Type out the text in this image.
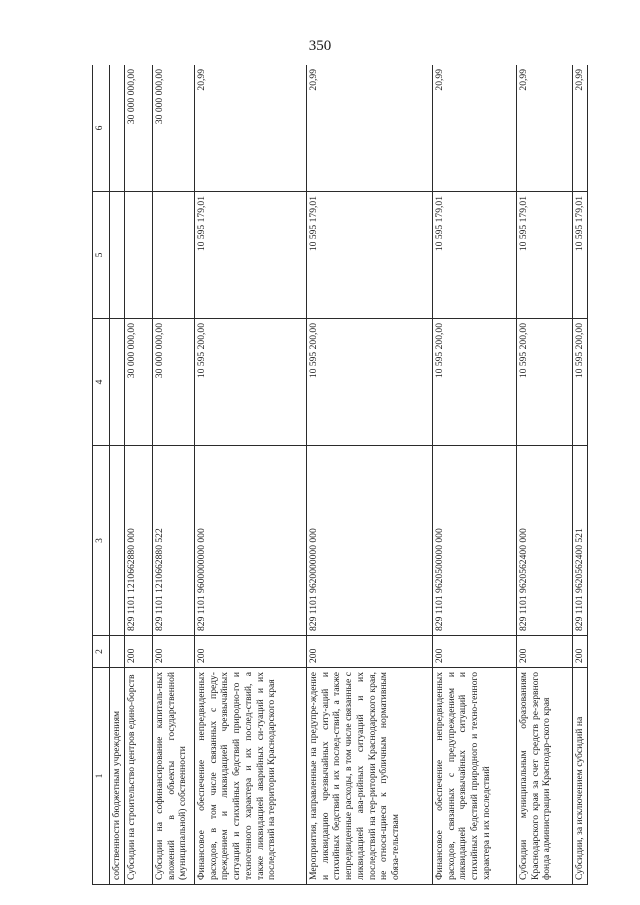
350
1	2	3	4	5	6
собственности бюджетным учреждениям					
Субсидии на строительство центров едино-борств	200	829 1101 1210662880 000	30 000 000,00		30 000 000,00
Субсидии на софинансирование капиталь-ных вложений в объекты государственной (муниципальной) собственности	200	829 1101 1210662880 522	30 000 000,00		30 000 000,00
Финансовое обеспечение непредвиденных расходов, в том числе связанных с преду-преждением и ликвидацией чрезвычайных ситуаций и стихийных бедствий природно-го и техногенного характера и их послед-ствий, а также ликвидацией аварийных си-туаций и их последствий на территории Краснодарского края	200	829 1101 9600000000 000	10 595 200,00	10 595 179,01	20,99
Мероприятия, направленные на предупре-ждение и ликвидацию чрезвычайных ситу-аций и стихийных бедствий и их послед-ствий, а также непредвиденные расходы, в том числе связанные с ликвидацией ава-рийных ситуаций и их последствий на тер-ритории Краснодарского края, не относя-щиеся к публичным нормативным обяза-тельствам	200	829 1101 9620000000 000	10 595 200,00	10 595 179,01	20,99
Финансовое обеспечение непредвиденных расходов, связанных с предупреждением и ликвидацией чрезвычайных ситуаций и стихийных бедствий природного и техно-генного характера и их последствий	200	829 1101 9620500000 000	10 595 200,00	10 595 179,01	20,99
Субсидии муниципальным образованиям Краснодарского края за счет средств ре-зервного фонда администрации Краснодар-ского края	200	829 1101 9620562400 000	10 595 200,00	10 595 179,01	20,99
Субсидии, за исключением субсидий на	200	829 1101 9620562400 521	10 595 200,00	10 595 179,01	20,99
